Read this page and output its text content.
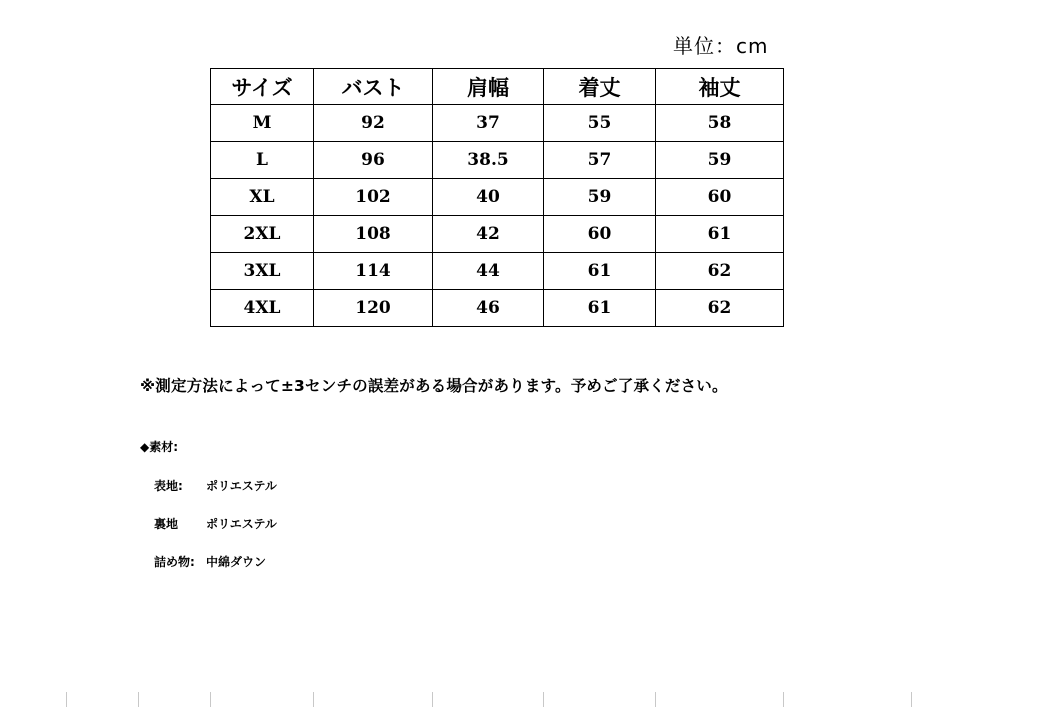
単位：cm
サイズ	バスト	肩幅	着丈	袖丈
M	92	37	55	58
L	96	38.5	57	59
XL	102	40	59	60
2XL	108	42	60	61
3XL	114	44	61	62
4XL	120	46	61	62
※測定方法によって±3センチの誤差がある場合があります。予めご了承ください。
◆素材:
表地: ポリエステル
裏地 ポリエステル
詰め物: 中綿ダウン
